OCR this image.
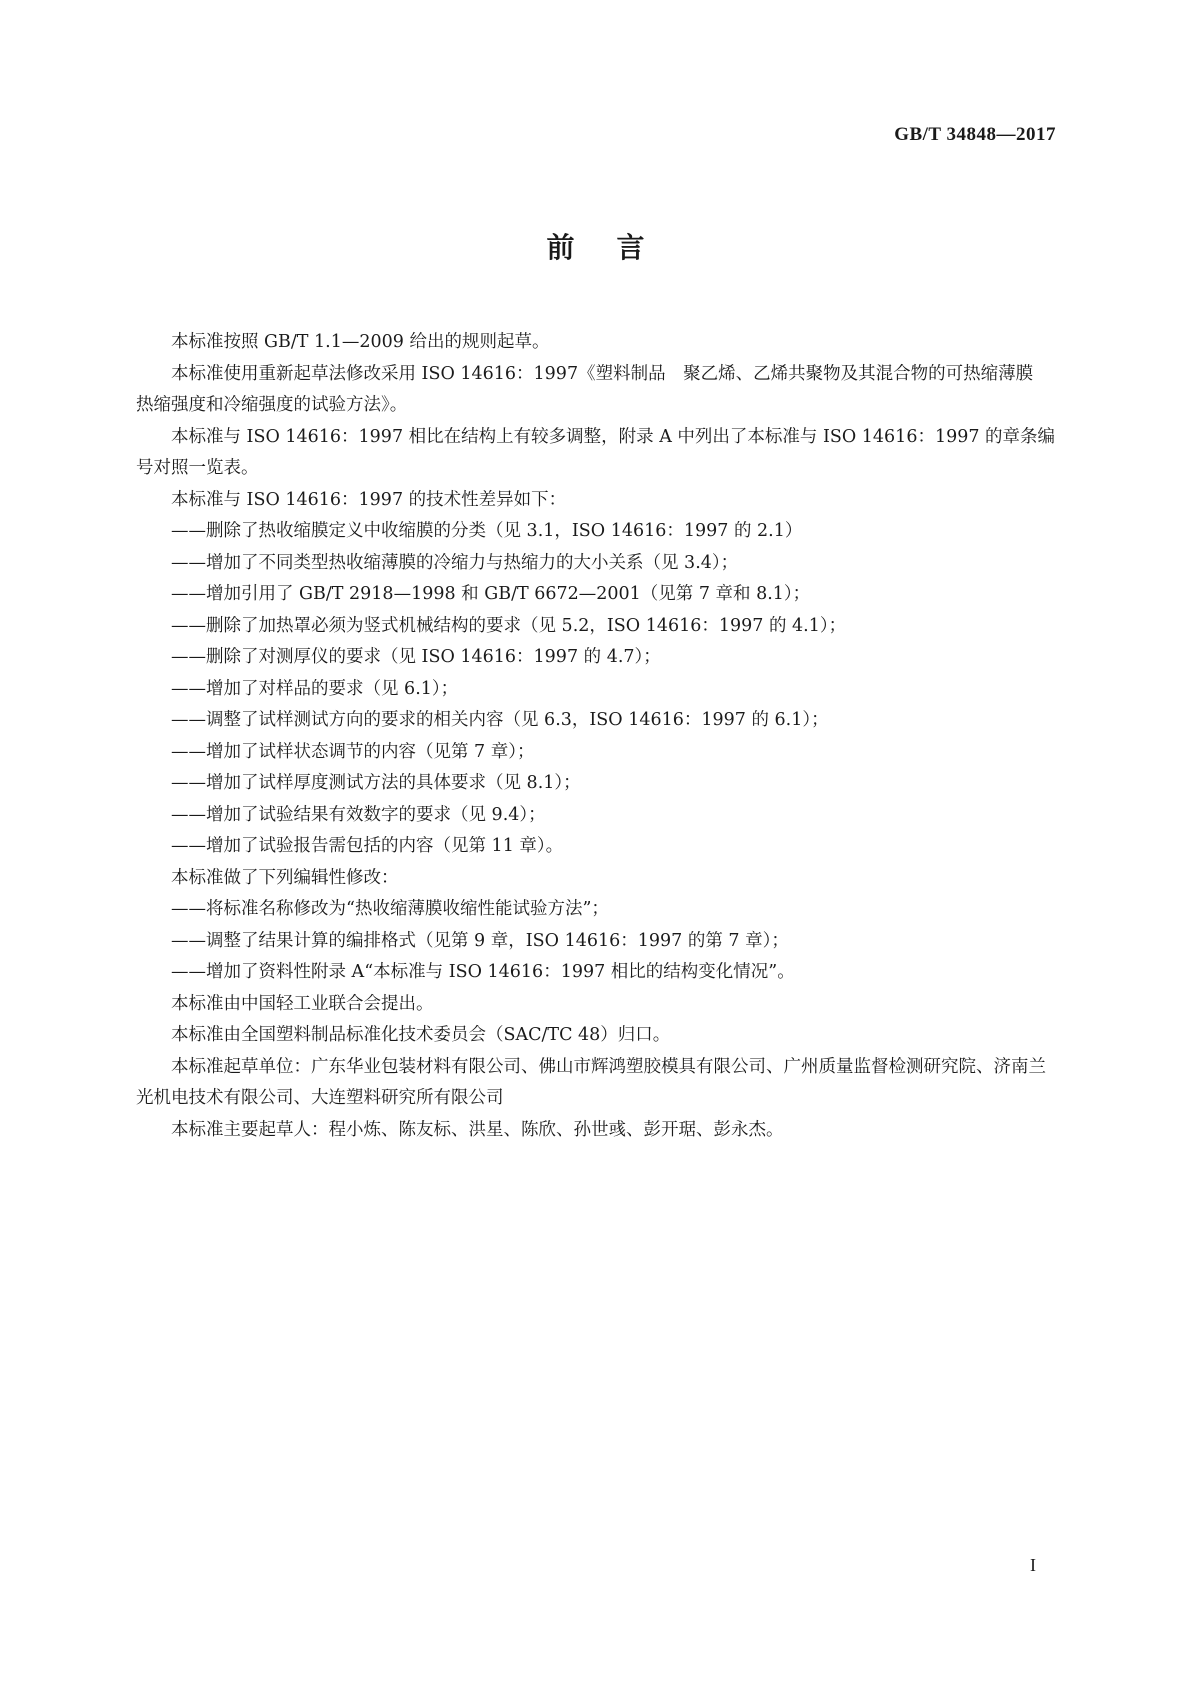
GB/T 34848—2017
前言

本标准按照 GB/T 1.1—2009 给出的规则起草。

本标准使用重新起草法修改采用 ISO 14616：1997《塑料制品　聚乙烯、乙烯共聚物及其混合物的可热缩薄膜　热缩强度和冷缩强度的试验方法》。

本标准与 ISO 14616：1997 相比在结构上有较多调整，附录 A 中列出了本标准与 ISO 14616：1997 的章条编号对照一览表。

本标准与 ISO 14616：1997 的技术性差异如下：

——删除了热收缩膜定义中收缩膜的分类（见 3.1，ISO 14616：1997 的 2.1）

——增加了不同类型热收缩薄膜的冷缩力与热缩力的大小关系（见 3.4）；

——增加引用了 GB/T 2918—1998 和 GB/T 6672—2001（见第 7 章和 8.1）；

——删除了加热罩必须为竖式机械结构的要求（见 5.2，ISO 14616：1997 的 4.1）；

——删除了对测厚仪的要求（见 ISO 14616：1997 的 4.7）；

——增加了对样品的要求（见 6.1）；

——调整了试样测试方向的要求的相关内容（见 6.3，ISO 14616：1997 的 6.1）；

——增加了试样状态调节的内容（见第 7 章）；

——增加了试样厚度测试方法的具体要求（见 8.1）；

——增加了试验结果有效数字的要求（见 9.4）；

——增加了试验报告需包括的内容（见第 11 章）。

本标准做了下列编辑性修改：

——将标准名称修改为“热收缩薄膜收缩性能试验方法”；

——调整了结果计算的编排格式（见第 9 章，ISO 14616：1997 的第 7 章）；

——增加了资料性附录 A“本标准与 ISO 14616：1997 相比的结构变化情况”。

本标准由中国轻工业联合会提出。

本标准由全国塑料制品标准化技术委员会（SAC/TC 48）归口。

本标准起草单位：广东华业包装材料有限公司、佛山市辉鸿塑胶模具有限公司、广州质量监督检测研究院、济南兰光机电技术有限公司、大连塑料研究所有限公司

本标准主要起草人：程小炼、陈友标、洪星、陈欣、孙世彧、彭开琚、彭永杰。

I
